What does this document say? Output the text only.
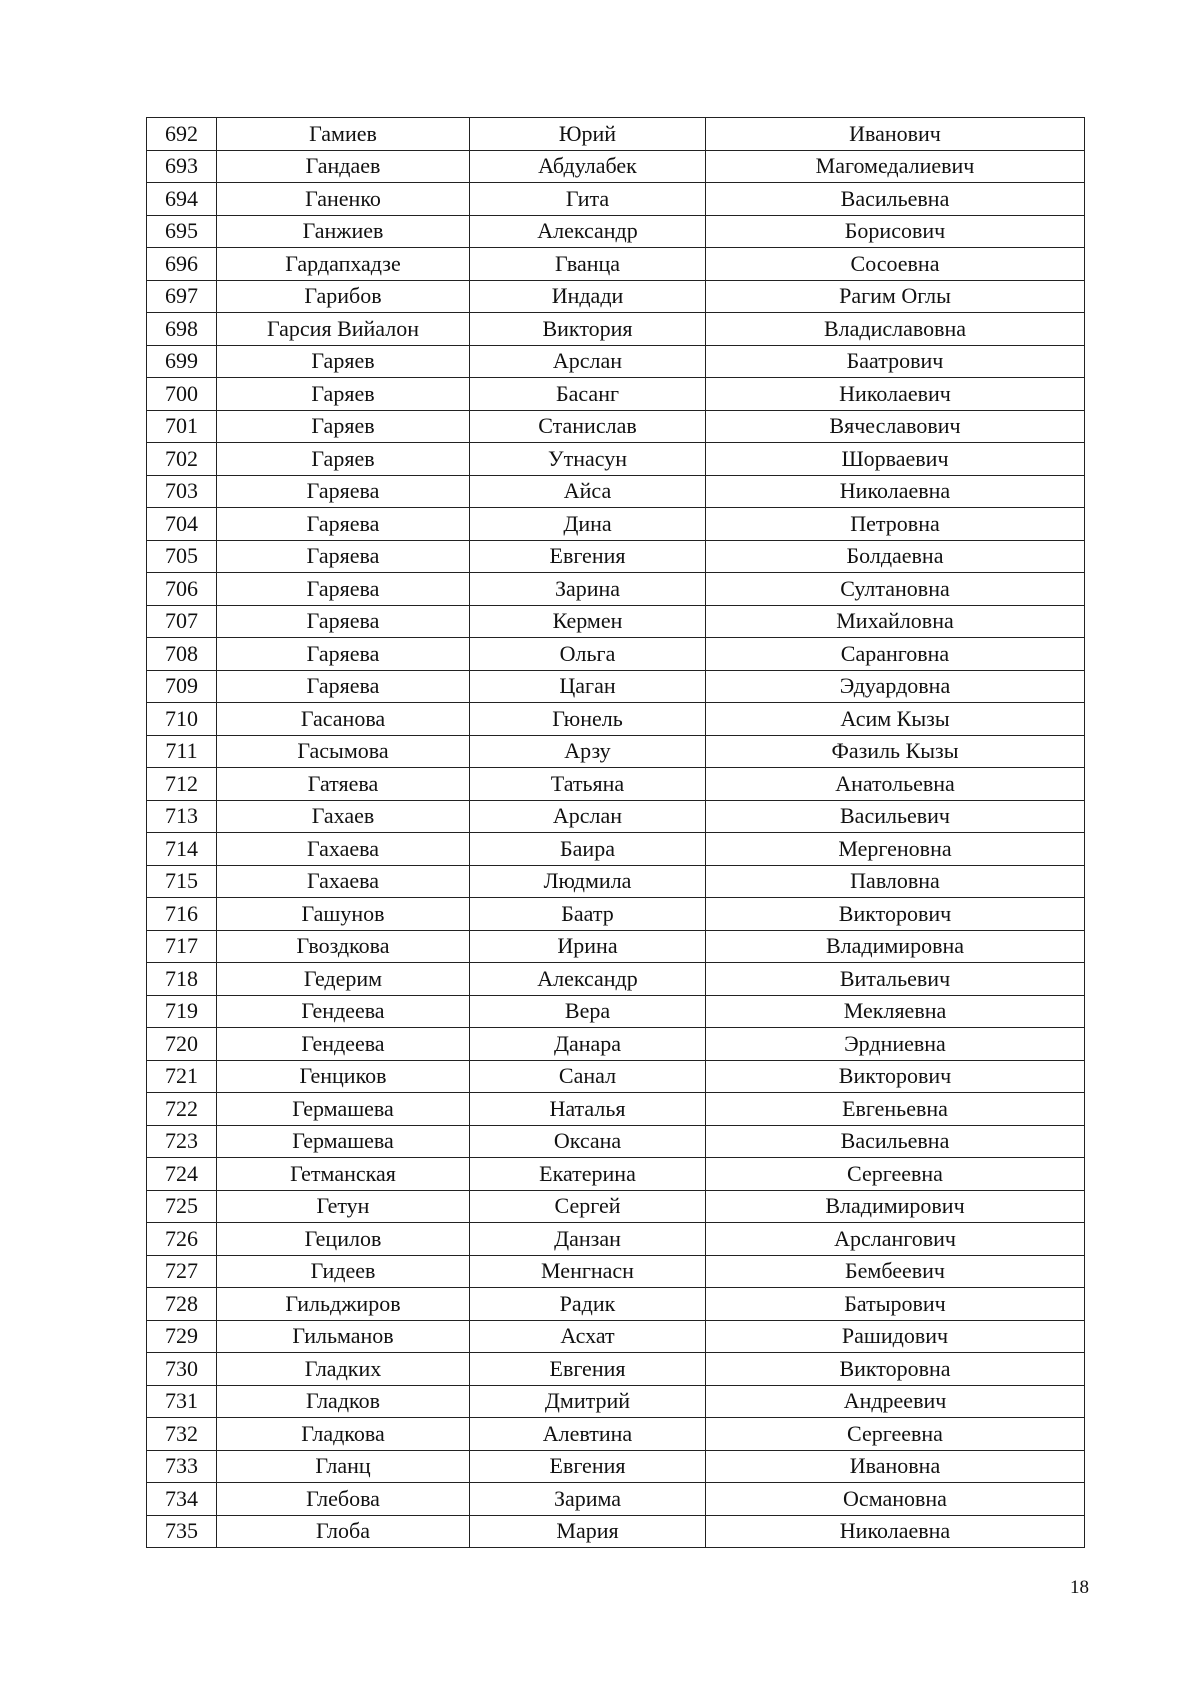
692	Гамиев	Юрий	Иванович
693	Гандаев	Абдулабек	Магомедалиевич
694	Ганенко	Гита	Васильевна
695	Ганжиев	Александр	Борисович
696	Гардапхадзе	Гванца	Сосоевна
697	Гарибов	Индади	Рагим Оглы
698	Гарсия Вийалон	Виктория	Владиславовна
699	Гаряев	Арслан	Баатрович
700	Гаряев	Басанг	Николаевич
701	Гаряев	Станислав	Вячеславович
702	Гаряев	Утнасун	Шорваевич
703	Гаряева	Айса	Николаевна
704	Гаряева	Дина	Петровна
705	Гаряева	Евгения	Болдаевна
706	Гаряева	Зарина	Султановна
707	Гаряева	Кермен	Михайловна
708	Гаряева	Ольга	Саранговна
709	Гаряева	Цаган	Эдуардовна
710	Гасанова	Гюнель	Асим Кызы
711	Гасымова	Арзу	Фазиль Кызы
712	Гатяева	Татьяна	Анатольевна
713	Гахаев	Арслан	Васильевич
714	Гахаева	Баира	Мергеновна
715	Гахаева	Людмила	Павловна
716	Гашунов	Баатр	Викторович
717	Гвоздкова	Ирина	Владимировна
718	Гедерим	Александр	Витальевич
719	Гендеева	Вера	Мекляевна
720	Гендеева	Данара	Эрдниевна
721	Генциков	Санал	Викторович
722	Гермашева	Наталья	Евгеньевна
723	Гермашева	Оксана	Васильевна
724	Гетманская	Екатерина	Сергеевна
725	Гетун	Сергей	Владимирович
726	Гецилов	Данзан	Арслангович
727	Гидеев	Менгнасн	Бембеевич
728	Гильджиров	Радик	Батырович
729	Гильманов	Асхат	Рашидович
730	Гладких	Евгения	Викторовна
731	Гладков	Дмитрий	Андреевич
732	Гладкова	Алевтина	Сергеевна
733	Гланц	Евгения	Ивановна
734	Глебова	Зарима	Османовна
735	Глоба	Мария	Николаевна
18
